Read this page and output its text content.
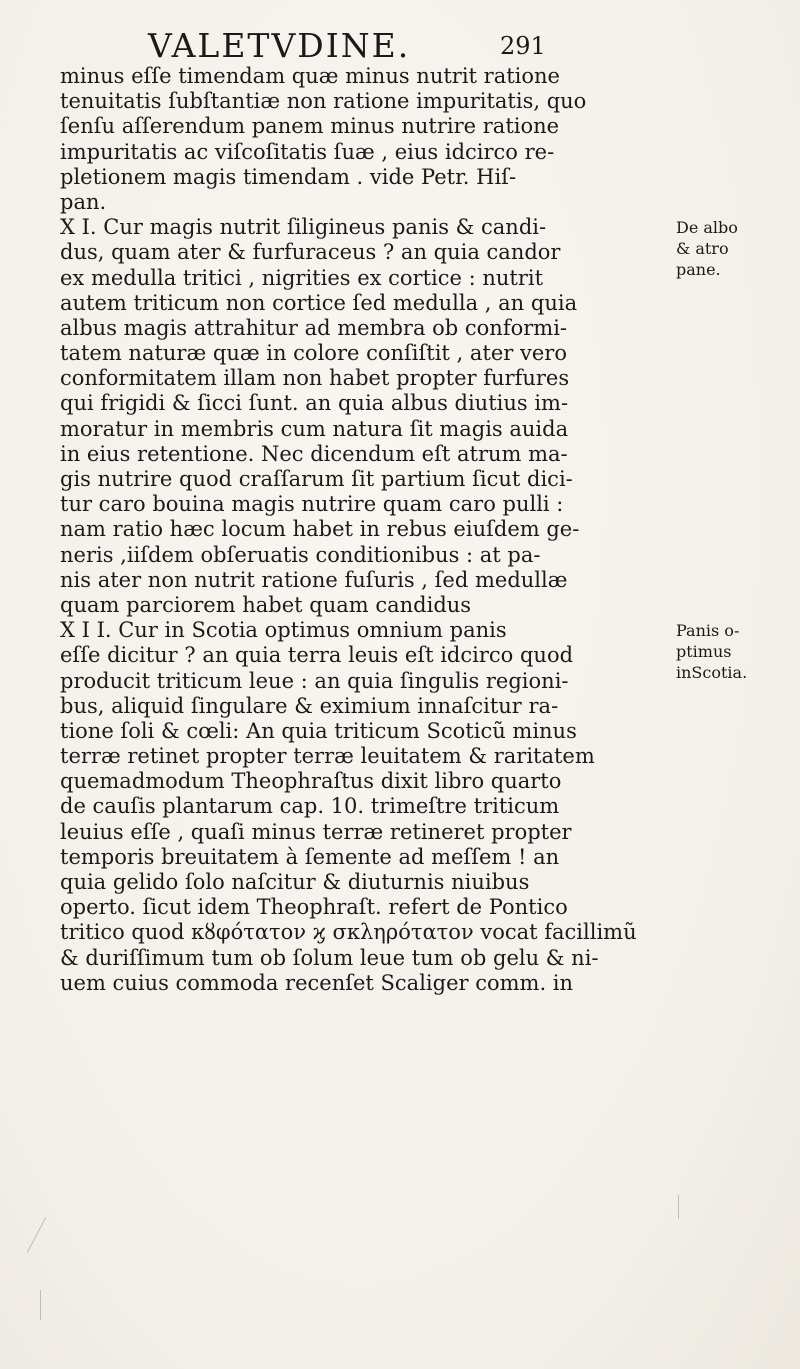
VALETVDINE.	291
minus eſſe timendam quæ minus nutrit ratione
tenuitatis ſubſtantiæ non ratione impuritatis, quo
ſenſu aſſerendum panem minus nutrire ratione
impuritatis ac viſcoſitatis ſuæ , eius idcirco re-
pletionem magis timendam . vide Petr. Hiſ-
pan.
X I. Cur magis nutrit ſiligineus panis & candi-
dus, quam ater & furfuraceus ? an quia candor
ex medulla tritici , nigrities ex cortice : nutrit
autem triticum non cortice ſed medulla , an quia
albus magis attrahitur ad membra ob conformi-
tatem naturæ quæ in colore conſiſtit , ater vero
conformitatem illam non habet propter furfures
qui frigidi & ſicci ſunt. an quia albus diutius im-
moratur in membris cum natura ſit magis auida
in eius retentione. Nec dicendum eſt atrum ma-
gis nutrire quod craſſarum ſit partium ſicut dici-
tur caro bouina magis nutrire quam caro pulli :
nam ratio hæc locum habet in rebus eiuſdem ge-
neris ,iiſdem obſeruatis conditionibus : at pa-
nis ater non nutrit ratione fuſuris , ſed medullæ
quam parciorem habet quam candidus
X I I. Cur in Scotia optimus omnium panis
eſſe dicitur ? an quia terra leuis eſt idcirco quod
producit triticum leue : an quia ſingulis regioni-
bus, aliquid ſingulare & eximium innaſcitur ra-
tione ſoli & cœli: An quia triticum Scoticũ minus
terræ retinet propter terræ leuitatem & raritatem
quemadmodum Theophraſtus dixit libro quarto
de cauſis plantarum cap. 10. trimeſtre triticum
leuius eſſe , quaſi minus terræ retineret propter
temporis breuitatem à ſemente ad meſſem ! an
quia gelido ſolo naſcitur & diuturnis niuibus
operto. ſicut idem Theophraſt. refert de Pontico
tritico quod κȣφότατον ϗ σκληρότατον vocat facillimũ
& duriſſimum tum ob ſolum leue tum ob gelu & ni-
uem cuius commoda recenſet Scaliger comm. in
De albo
& atro
pane.
Panis o-
ptimus
inScotia.
